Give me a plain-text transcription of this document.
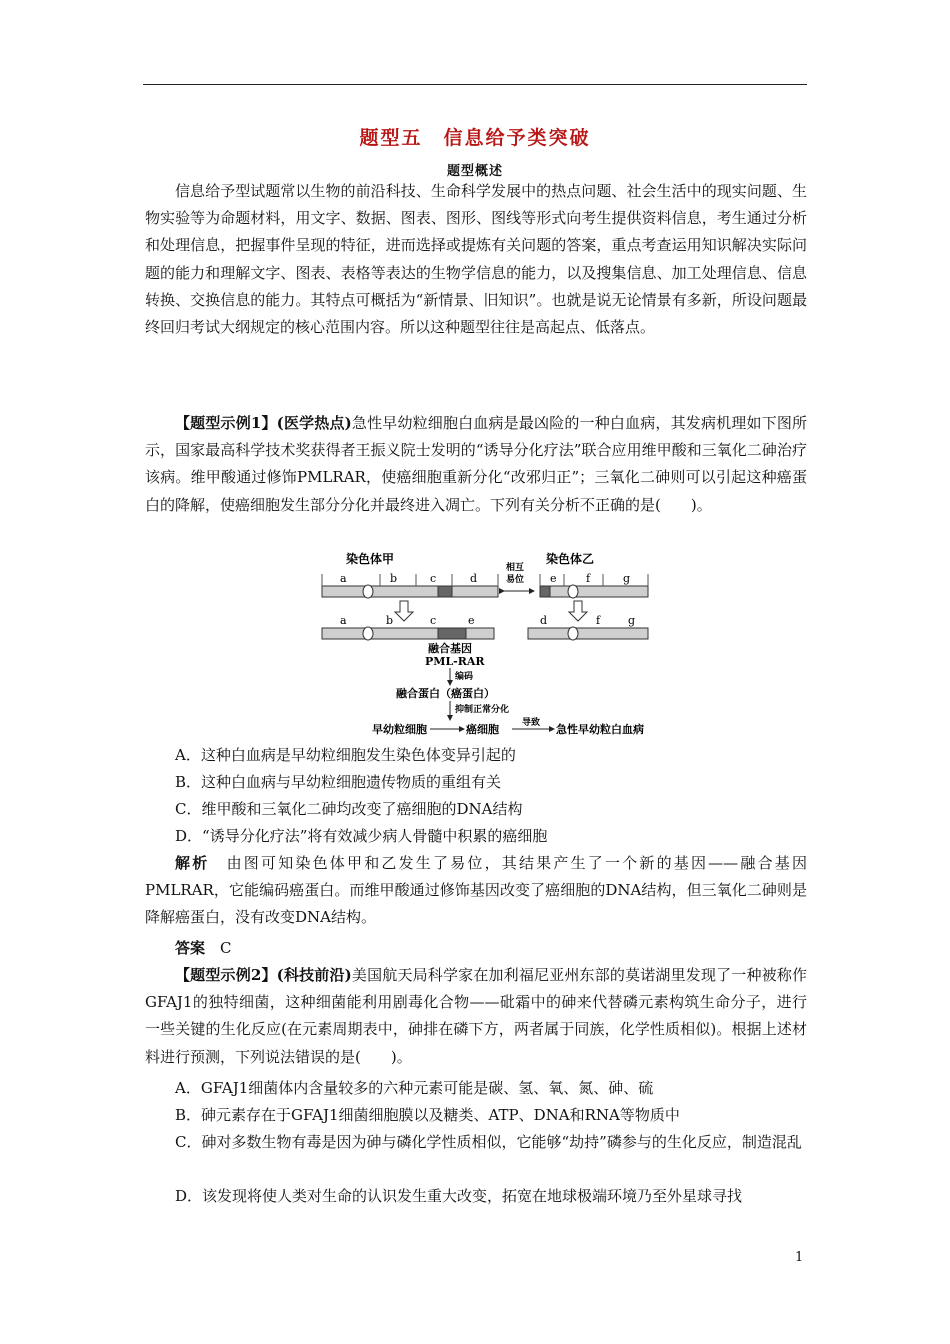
题型五　信息给予类突破
题型概述
信息给予型试题常以生物的前沿科技、生命科学发展中的热点问题、社会生活中的现实问题、生物实验等为命题材料，用文字、数据、图表、图形、图线等形式向考生提供资料信息，考生通过分析和处理信息，把握事件呈现的特征，进而选择或提炼有关问题的答案，重点考查运用知识解决实际问题的能力和理解文字、图表、表格等表达的生物学信息的能力，以及搜集信息、加工处理信息、信息转换、交换信息的能力。其特点可概括为“新情景、旧知识”。也就是说无论情景有多新，所设问题最终回归考试大纲规定的核心范围内容。所以这种题型往往是高起点、低落点。
【题型示例1】(医学热点)急性早幼粒细胞白血病是最凶险的一种白血病，其发病机理如下图所示，国家最高科学技术奖获得者王振义院士发明的“诱导分化疗法”联合应用维甲酸和三氧化二砷治疗该病。维甲酸通过修饰PMLRAR，使癌细胞重新分化“改邪归正”；三氧化二砷则可以引起这种癌蛋白的降解，使癌细胞发生部分分化并最终进入凋亡。下列有关分析不正确的是(　　)。
染色体甲	染色体乙
a	b	c	d
相互
易位 e	f	g
a	b	c	e	d	f	g
融合基因
PML-RAR
编码
融合蛋白（癌蛋白）
抑制正常分化
早幼粒细胞	癌细胞	导致 急性早幼粒白血病
A．这种白血病是早幼粒细胞发生染色体变异引起的
B．这种白血病与早幼粒细胞遗传物质的重组有关
C．维甲酸和三氧化二砷均改变了癌细胞的DNA结构
D．“诱导分化疗法”将有效减少病人骨髓中积累的癌细胞
解析　 由图可知染色体甲和乙发生了易位，其结果产生了一个新的基因——融合基因PMLRAR，它能编码癌蛋白。而维甲酸通过修饰基因改变了癌细胞的DNA结构，但三氧化二砷则是降解癌蛋白，没有改变DNA结构。
答案　 C
【题型示例2】(科技前沿)美国航天局科学家在加利福尼亚州东部的莫诺湖里发现了一种被称作GFAJ1的独特细菌，这种细菌能利用剧毒化合物——砒霜中的砷来代替磷元素构筑生命分子，进行一些关键的生化反应(在元素周期表中，砷排在磷下方，两者属于同族，化学性质相似)。根据上述材料进行预测，下列说法错误的是(　　)。
A．GFAJ1细菌体内含量较多的六种元素可能是碳、氢、氧、氮、砷、硫
B．砷元素存在于GFAJ1细菌细胞膜以及糖类、ATP、DNA和RNA等物质中
C．砷对多数生物有毒是因为砷与磷化学性质相似，它能够“劫持”磷参与的生化反应，制造混乱
D．该发现将使人类对生命的认识发生重大改变，拓宽在地球极端环境乃至外星球寻找
1
